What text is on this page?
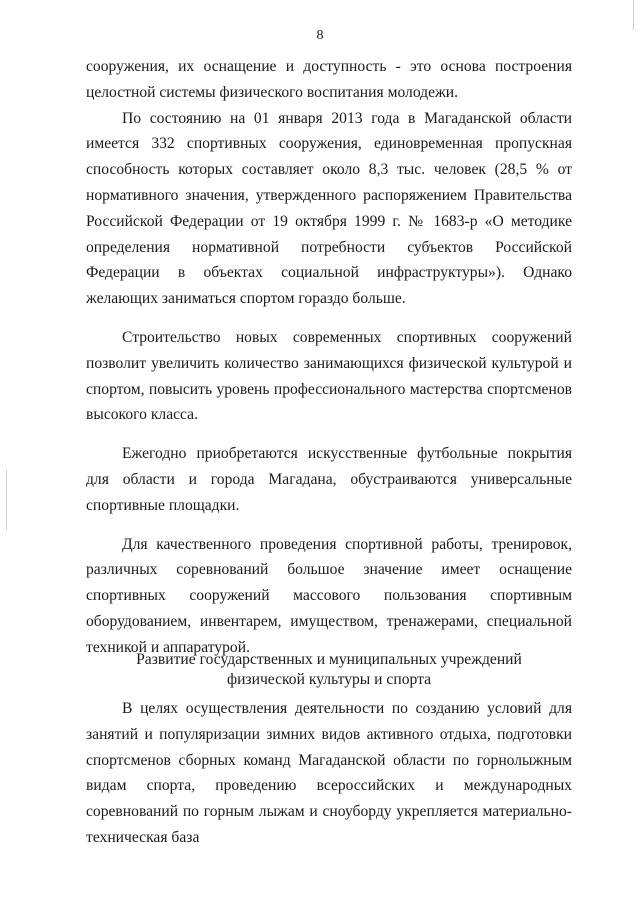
8

сооружения, их оснащение и доступность - это основа построения целостной системы физического воспитания молодежи.

По состоянию на 01 января 2013 года в Магаданской области имеется 332 спортивных сооружения, единовременная пропускная способность которых составляет около 8,3 тыс. человек (28,5 % от нормативного значения, утвержденного распоряжением Правительства Российской Федерации от 19 октября 1999 г. № 1683-р «О методике определения нормативной потребности субъектов Российской Федерации в объектах социальной инфраструктуры»). Однако желающих заниматься спортом гораздо больше.

Строительство новых современных спортивных сооружений позволит увеличить количество занимающихся физической культурой и спортом, повысить уровень профессионального мастерства спортсменов высокого класса.

Ежегодно приобретаются искусственные футбольные покрытия для области и города Магадана, обустраиваются универсальные спортивные площадки.

Для качественного проведения спортивной работы, тренировок, различных соревнований большое значение имеет оснащение спортивных сооружений массового пользования спортивным оборудованием, инвентарем, имуществом, тренажерами, специальной техникой и аппаратурой.

Развитие государственных и муниципальных учреждений
физической культуры и спорта

В целях осуществления деятельности по созданию условий для занятий и популяризации зимних видов активного отдыха, подготовки спортсменов сборных команд Магаданской области по горнолыжным видам спорта, проведению всероссийских и международных соревнований по горным лыжам и сноуборду укрепляется материально-техническая база
